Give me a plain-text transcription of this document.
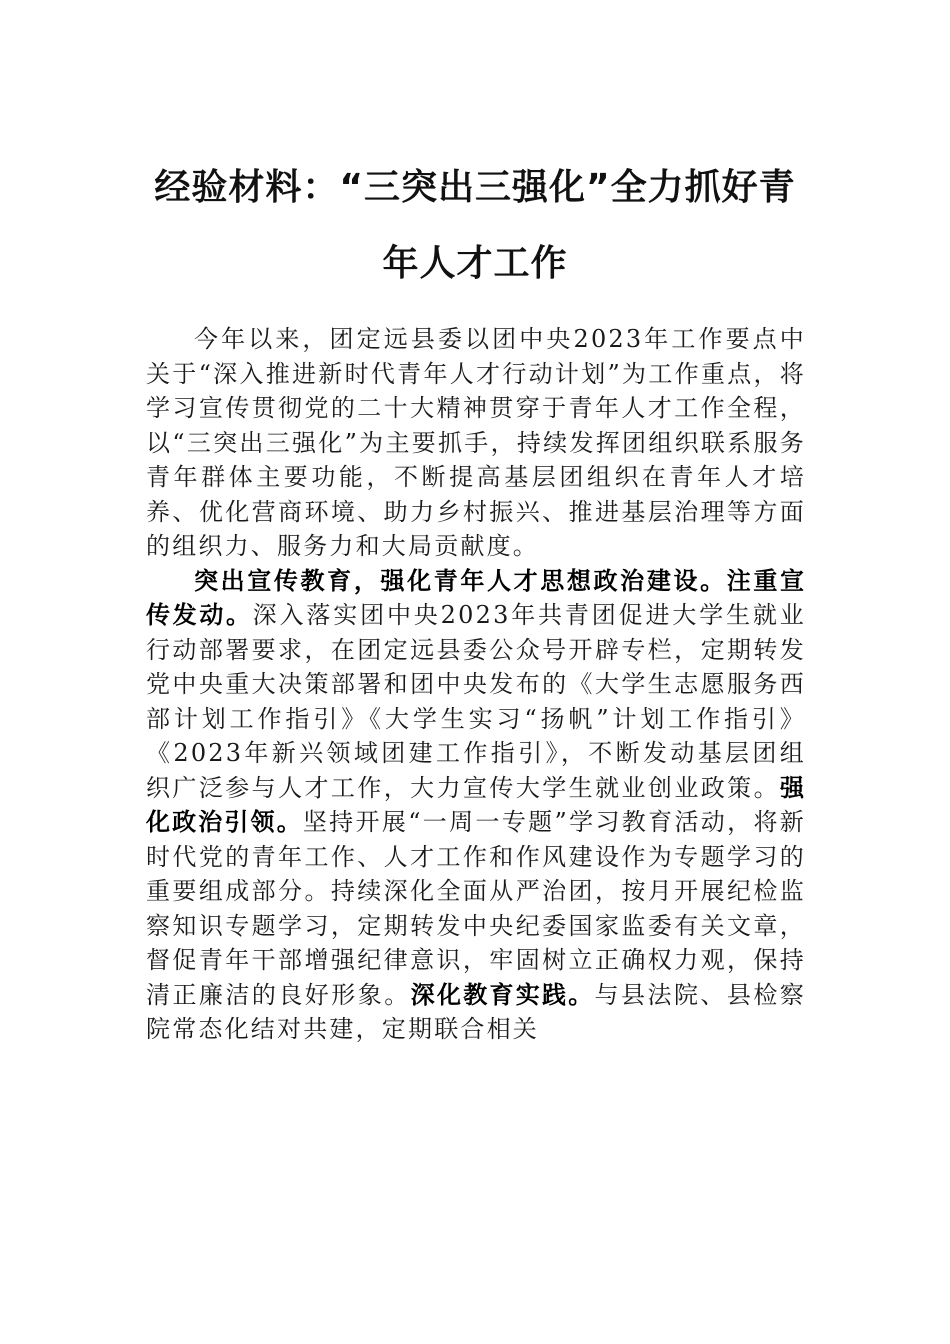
经验材料：“三突出三强化”全力抓好青年人才工作

今年以来，团定远县委以团中央2023年工作要点中关于“深入推进新时代青年人才行动计划”为工作重点，将学习宣传贯彻党的二十大精神贯穿于青年人才工作全程，以“三突出三强化”为主要抓手，持续发挥团组织联系服务青年群体主要功能，不断提高基层团组织在青年人才培养、优化营商环境、助力乡村振兴、推进基层治理等方面的组织力、服务力和大局贡献度。

突出宣传教育，强化青年人才思想政治建设。注重宣传发动。深入落实团中央2023年共青团促进大学生就业行动部署要求，在团定远县委公众号开辟专栏，定期转发党中央重大决策部署和团中央发布的《大学生志愿服务西部计划工作指引》《大学生实习“扬帆”计划工作指引》《2023年新兴领域团建工作指引》，不断发动基层团组织广泛参与人才工作，大力宣传大学生就业创业政策。强化政治引领。坚持开展“一周一专题”学习教育活动，将新时代党的青年工作、人才工作和作风建设作为专题学习的重要组成部分。持续深化全面从严治团，按月开展纪检监察知识专题学习，定期转发中央纪委国家监委有关文章，督促青年干部增强纪律意识，牢固树立正确权力观，保持清正廉洁的良好形象。深化教育实践。与县法院、县检察院常态化结对共建，定期联合相关
